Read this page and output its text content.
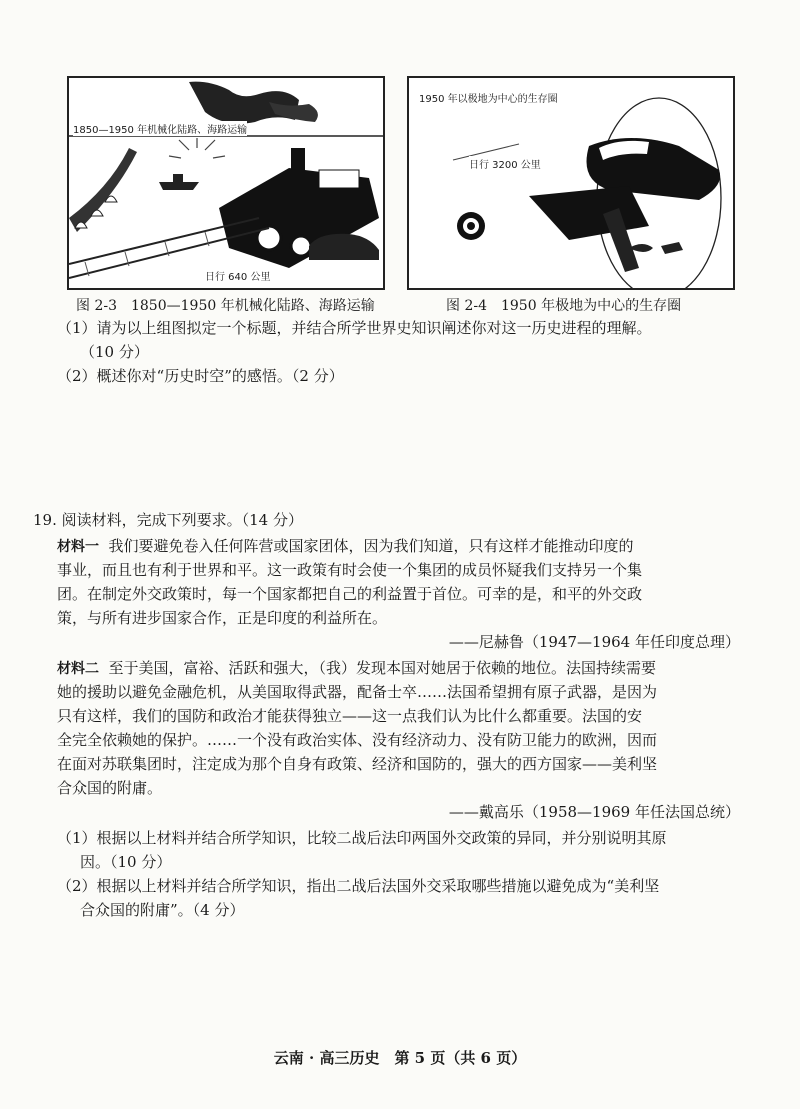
1850—1950 年机械化陆路、海路运输
日行 640 公里
1950 年以极地为中心的生存圈
日行 3200 公里
图 2-3　1850—1950 年机械化陆路、海路运输	图 2-4　1950 年极地为中心的生存圈
（1）请为以上组图拟定一个标题，并结合所学世界史知识阐述你对这一历史进程的理解。
（10 分）
（2）概述你对“历史时空”的感悟。（2 分）
19. 阅读材料，完成下列要求。（14 分）
材料一 我们要避免卷入任何阵营或国家团体，因为我们知道，只有这样才能推动印度的
事业，而且也有利于世界和平。这一政策有时会使一个集团的成员怀疑我们支持另一个集
团。在制定外交政策时，每一个国家都把自己的利益置于首位。可幸的是，和平的外交政
策，与所有进步国家合作，正是印度的利益所在。
——尼赫鲁（1947—1964 年任印度总理）
材料二 至于美国，富裕、活跃和强大，（我）发现本国对她居于依赖的地位。法国持续需要
她的援助以避免金融危机，从美国取得武器，配备士卒……法国希望拥有原子武器，是因为
只有这样，我们的国防和政治才能获得独立——这一点我们认为比什么都重要。法国的安
全完全依赖她的保护。……一个没有政治实体、没有经济动力、没有防卫能力的欧洲，因而
在面对苏联集团时，注定成为那个自身有政策、经济和国防的，强大的西方国家——美利坚
合众国的附庸。
——戴高乐（1958—1969 年任法国总统）
（1）根据以上材料并结合所学知识，比较二战后法印两国外交政策的异同，并分别说明其原
因。（10 分）
（2）根据以上材料并结合所学知识，指出二战后法国外交采取哪些措施以避免成为“美利坚
合众国的附庸”。（4 分）
云南 · 高三历史　第 5 页（共 6 页）
